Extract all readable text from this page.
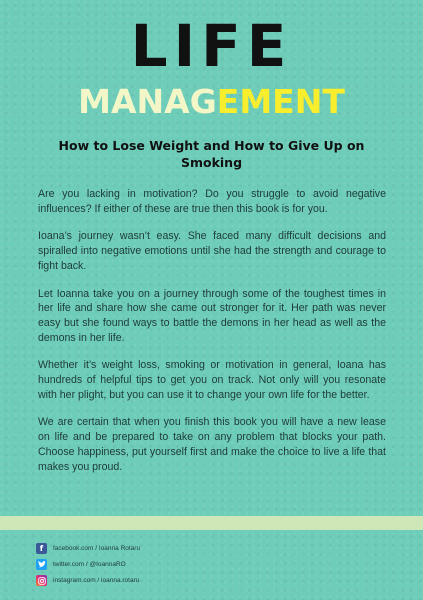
LIFE
MANAGEMENT
How to Lose Weight and How to Give Up on Smoking

Are you lacking in motivation? Do you struggle to avoid negative influences? If either of these are true then this book is for you.

Ioana’s journey wasn’t easy. She faced many difficult decisions and spiralled into negative emotions until she had the strength and courage to fight back.

Let Ioanna take you on a journey through some of the toughest times in her life and share how she came out stronger for it. Her path was never easy but she found ways to battle the demons in her head as well as the demons in her life.

Whether it’s weight loss, smoking or motivation in general, Ioana has hundreds of helpful tips to get you on track. Not only will you resonate with her plight, but you can use it to change your own life for the better.

We are certain that when you finish this book you will have a new lease on life and be prepared to take on any problem that blocks your path. Choose happiness, put yourself first and make the choice to live a life that makes you proud.

f	facebook.com / Ioanna Rotaru
twitter.com / @IoannaRO
instagram.com / ioanna.rotaru
